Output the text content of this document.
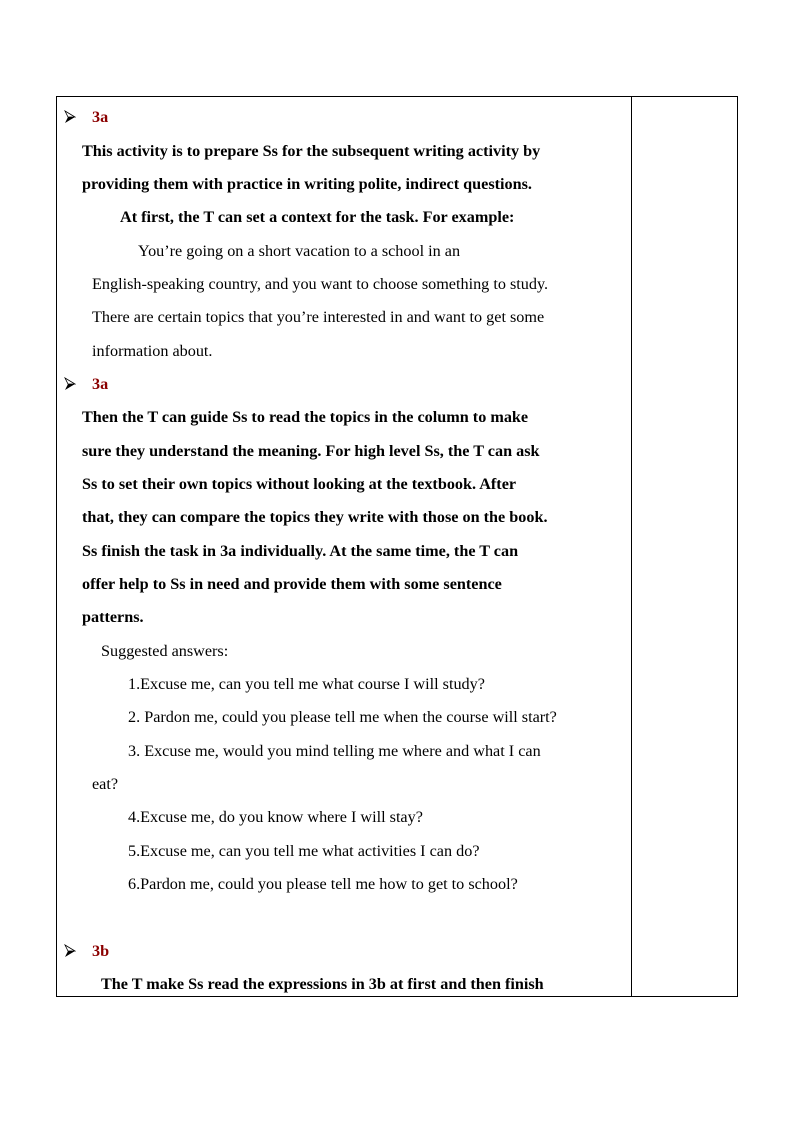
3a
This activity is to prepare Ss for the subsequent writing activity by
providing them with practice in writing polite, indirect questions.
At first, the T can set a context for the task. For example:
You’re going on a short vacation to a school in an
English-speaking country, and you want to choose something to study.
There are certain topics that you’re interested in and want to get some
information about.
3a
Then the T can guide Ss to read the topics in the column to make
sure they understand the meaning. For high level Ss, the T can ask
Ss to set their own topics without looking at the textbook. After
that, they can compare the topics they write with those on the book.
Ss finish the task in 3a individually. At the same time, the T can
offer help to Ss in need and provide them with some sentence
patterns.
Suggested answers:
1.Excuse me, can you tell me what course I will study?
2. Pardon me, could you please tell me when the course will start?
3. Excuse me, would you mind telling me where and what I can
eat?
4.Excuse me, do you know where I will stay?
5.Excuse me, can you tell me what activities I can do?
6.Pardon me, could you please tell me how to get to school?
3b
The T make Ss read the expressions in 3b at first and then finish
